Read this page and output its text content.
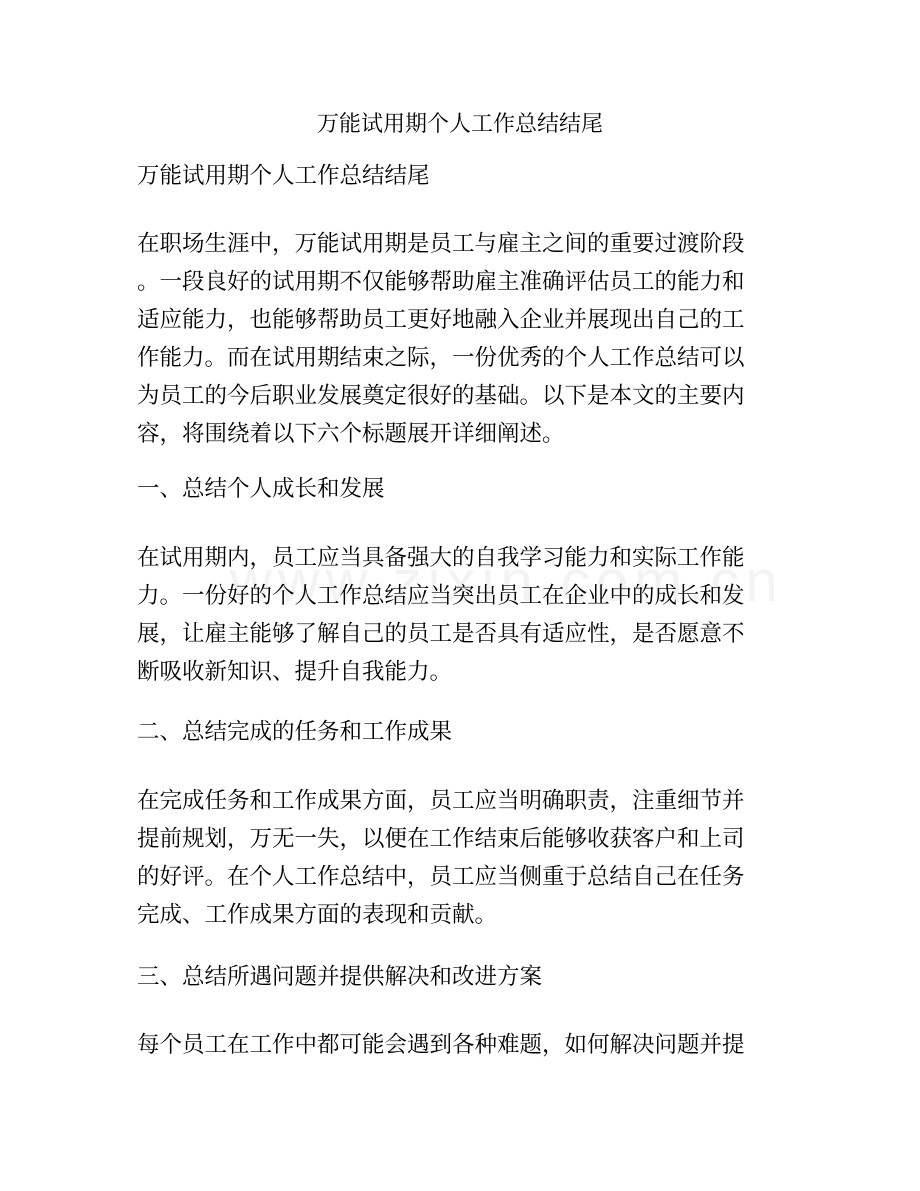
万能试用期个人工作总结结尾
万能试用期个人工作总结结尾
在职场生涯中，万能试用期是员工与雇主之间的重要过渡阶段
。一段良好的试用期不仅能够帮助雇主准确评估员工的能力和
适应能力，也能够帮助员工更好地融入企业并展现出自己的工
作能力。而在试用期结束之际，一份优秀的个人工作总结可以
为员工的今后职业发展奠定很好的基础。以下是本文的主要内
容，将围绕着以下六个标题展开详细阐述。
一、总结个人成长和发展
在试用期内，员工应当具备强大的自我学习能力和实际工作能
力。一份好的个人工作总结应当突出员工在企业中的成长和发
展，让雇主能够了解自己的员工是否具有适应性，是否愿意不
断吸收新知识、提升自我能力。
二、总结完成的任务和工作成果
在完成任务和工作成果方面，员工应当明确职责，注重细节并
提前规划，万无一失，以便在工作结束后能够收获客户和上司
的好评。在个人工作总结中，员工应当侧重于总结自己在任务
完成、工作成果方面的表现和贡献。
三、总结所遇问题并提供解决和改进方案
每个员工在工作中都可能会遇到各种难题，如何解决问题并提
